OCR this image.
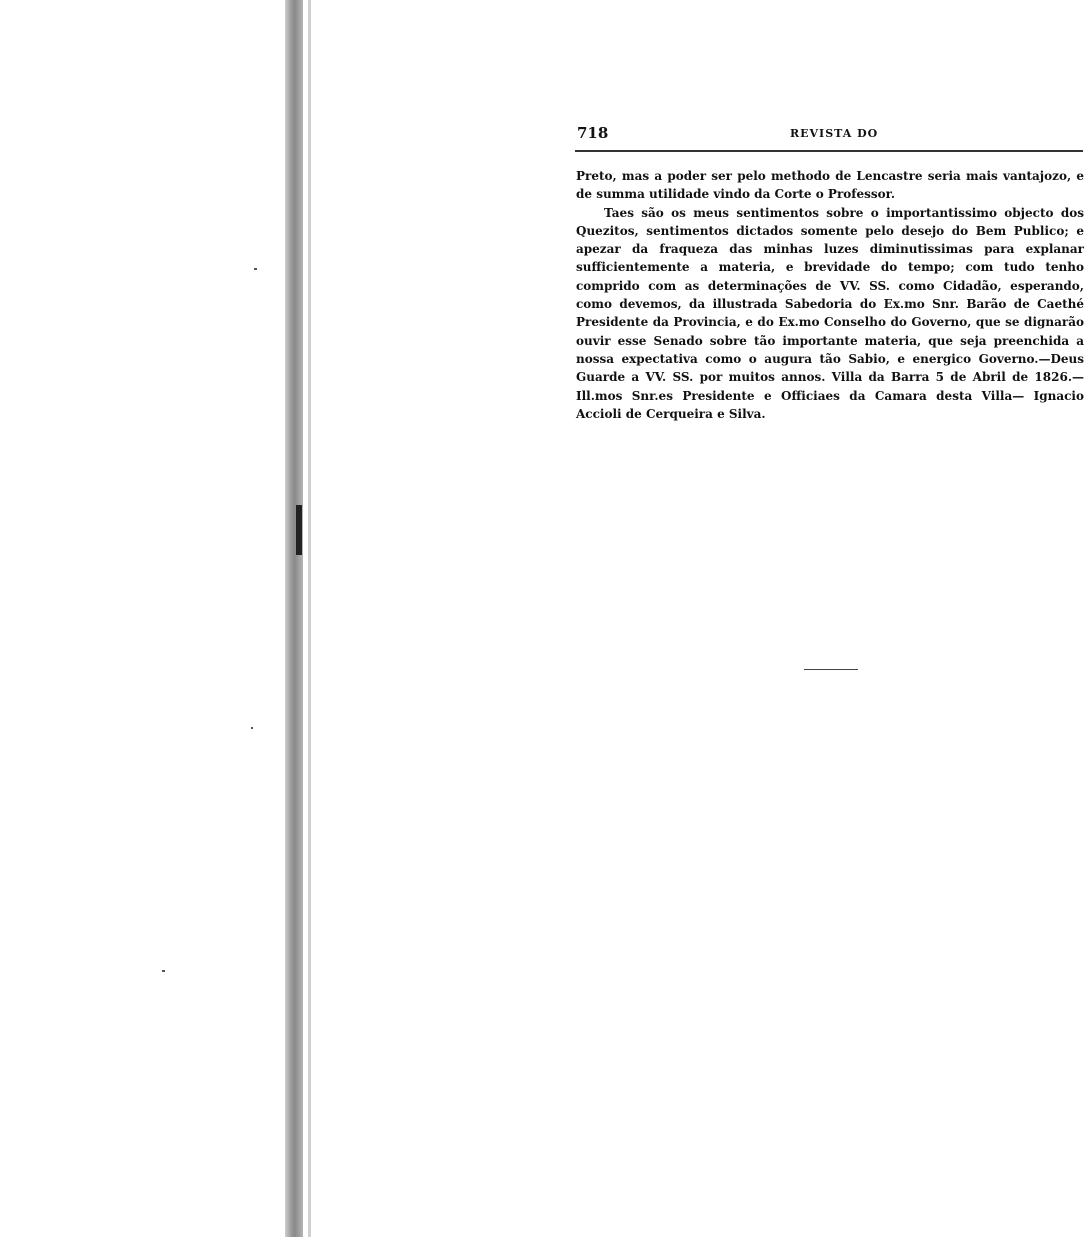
718	REVISTA DO

Preto, mas a poder ser pelo methodo de Lencastre seria mais vantajozo, e de summa utilidade vindo da Corte o Professor.

Taes são os meus sentimentos sobre o importantissimo objecto dos Quezitos, sentimentos dictados somente pelo desejo do Bem Publico; e apezar da fraqueza das minhas luzes diminutissimas para explanar sufficientemente a materia, e brevidade do tempo; com tudo tenho comprido com as determinações de VV. SS. como Cidadão, esperando, como devemos, da illustrada Sabedoria do Ex.mo Snr. Barão de Caethé Presidente da Provincia, e do Ex.mo Conselho do Governo, que se dignarão ouvir esse Senado sobre tão importante materia, que seja preenchida a nossa expectativa como o augura tão Sabio, e energico Governo.—Deus Guarde a VV. SS. por muitos annos. Villa da Barra 5 de Abril de 1826.—Ill.mos Snr.es Presidente e Officiaes da Camara desta Villa— Ignacio Accioli de Cerqueira e Silva.
